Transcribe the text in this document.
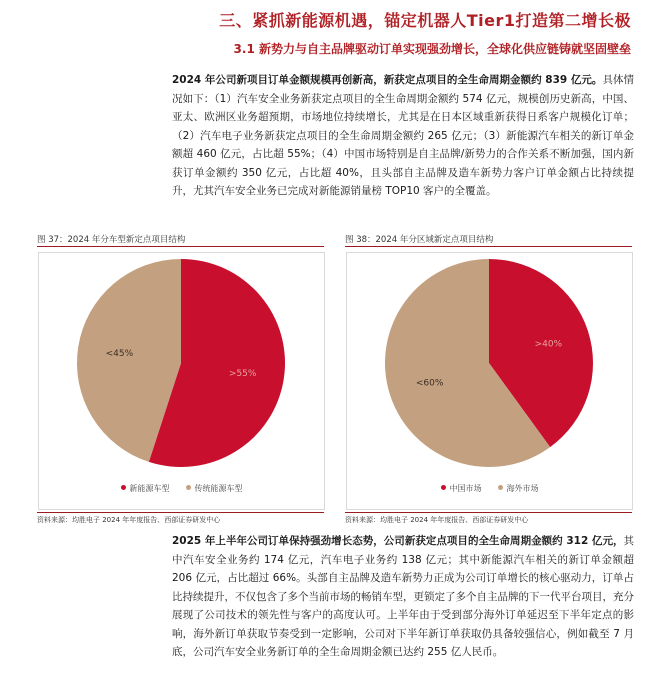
三、紧抓新能源机遇，锚定机器人Tier1打造第二增长极
3.1 新势力与自主品牌驱动订单实现强劲增长，全球化供应链铸就坚固壁垒
2024 年公司新项目订单金额规模再创新高，新获定点项目的全生命周期金额约 839 亿元。具体情况如下：（1）汽车安全业务新获定点项目的全生命周期金额约 574 亿元，规模创历史新高，中国、亚太、欧洲区业务超预期，市场地位持续增长，尤其是在日本区域重新获得日系客户规模化订单；（2）汽车电子业务新获定点项目的全生命周期金额约 265 亿元；（3）新能源汽车相关的新订单金额超 460 亿元，占比超 55%；（4）中国市场特别是自主品牌/新势力的合作关系不断加强，国内新获订单金额约 350 亿元，占比超 40%，且头部自主品牌及造车新势力客户订单金额占比持续提升，尤其汽车安全业务已完成对新能源销量榜 TOP10 客户的全覆盖。
图 37：2024 年分车型新定点项目结构
>55%
<45%
新能源车型	传统能源车型
资料来源：均胜电子 2024 年年度报告、西部证券研发中心
图 38：2024 年分区域新定点项目结构
>40%
<60%
中国市场	海外市场
资料来源：均胜电子 2024 年年度报告、西部证券研发中心
2025 年上半年公司订单保持强劲增长态势，公司新获定点项目的全生命周期金额约 312 亿元，其中汽车安全业务约 174 亿元，汽车电子业务约 138 亿元；其中新能源汽车相关的新订单金额超 206 亿元，占比超过 66%。头部自主品牌及造车新势力正成为公司订单增长的核心驱动力，订单占比持续提升，不仅包含了多个当前市场的畅销车型，更锁定了多个自主品牌的下一代平台项目，充分展现了公司技术的领先性与客户的高度认可。上半年由于受到部分海外订单延迟至下半年定点的影响，海外新订单获取节奏受到一定影响，公司对下半年新订单获取仍具备较强信心，例如截至 7 月底，公司汽车安全业务新订单的全生命周期金额已达约 255 亿人民币。
